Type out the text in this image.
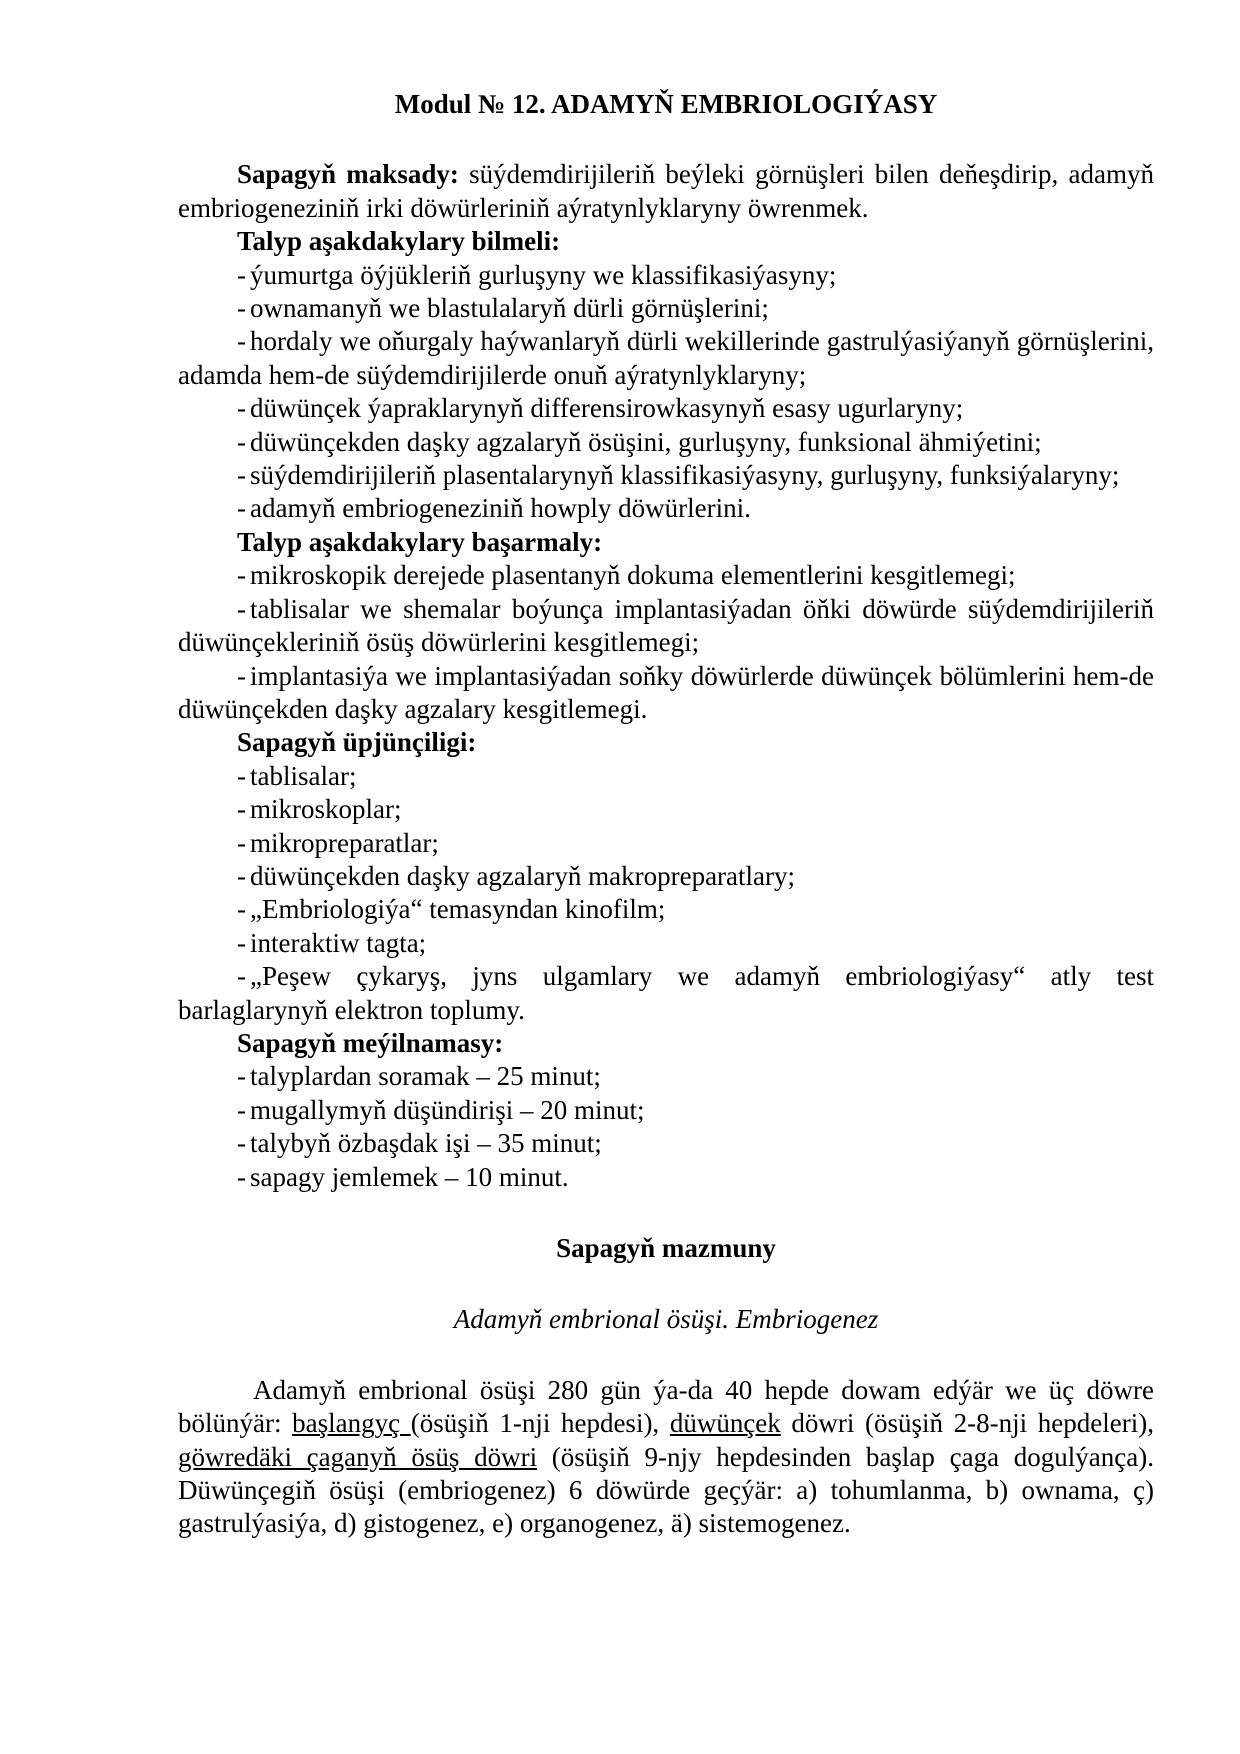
Modul № 12. ADAMYŇ EMBRIOLOGIÝASY

Sapagyň maksady: süýdemdirijileriň beýleki görnüşleri bilen deňeşdirip, adamyň embriogeneziniň irki döwürleriniň aýratynlyklaryny öwrenmek.

Talyp aşakdakylary bilmeli:

- ýumurtga öýjükleriň gurluşyny we klassifikasiýasyny;

- ownamanyň we blastulalaryň dürli görnüşlerini;

- hordaly we oňurgaly haýwanlaryň dürli wekillerinde gastrulýasiýanyň görnüşlerini, adamda hem-de süýdemdirijilerde onuň aýratynlyklaryny;

- düwünçek ýapraklarynyň differensirowkasynyň esasy ugurlaryny;

- düwünçekden daşky agzalaryň ösüşini, gurluşyny, funksional ähmiýetini;

- süýdemdirijileriň plasentalarynyň klassifikasiýasyny, gurluşyny, funksiýalaryny;

- adamyň embriogeneziniň howply döwürlerini.

Talyp aşakdakylary başarmaly:

- mikroskopik derejede plasentanyň dokuma elementlerini kesgitlemegi;

- tablisalar we shemalar boýunça implantasiýadan öňki döwürde süýdemdirijileriň düwünçekleriniň ösüş döwürlerini kesgitlemegi;

- implantasiýa we implantasiýadan soňky döwürlerde düwünçek bölümlerini hem-de düwünçekden daşky agzalary kesgitlemegi.

Sapagyň üpjünçiligi:

- tablisalar;

- mikroskoplar;

- mikropreparatlar;

- düwünçekden daşky agzalaryň makropreparatlary;

- „Embriologiýa“ temasyndan kinofilm;

- interaktiw tagta;

- „Peşew çykaryş, jyns ulgamlary we adamyň embriologiýasy“ atly test barlaglarynyň elektron toplumy.

Sapagyň meýilnamasy:

- talyplardan soramak – 25 minut;

- mugallymyň düşündirişi – 20 minut;

- talybyň özbaşdak işi – 35 minut;

- sapagy jemlemek – 10 minut.

Sapagyň mazmuny

Adamyň embrional ösüşi. Embriogenez

Adamyň embrional ösüşi 280 gün ýa-da 40 hepde dowam edýär we üç döwre bölünýär: başlangyç (ösüşiň 1-nji hepdesi), düwünçek döwri (ösüşiň 2-8-nji hepdeleri), göwredäki çaganyň ösüş döwri (ösüşiň 9-njy hepdesinden başlap çaga dogulýança). Düwünçegiň ösüşi (embriogenez) 6 döwürde geçýär: a) tohumlanma, b) ownama, ç) gastrulýasiýa, d) gistogenez, e) organogenez, ä) sistemogenez.
